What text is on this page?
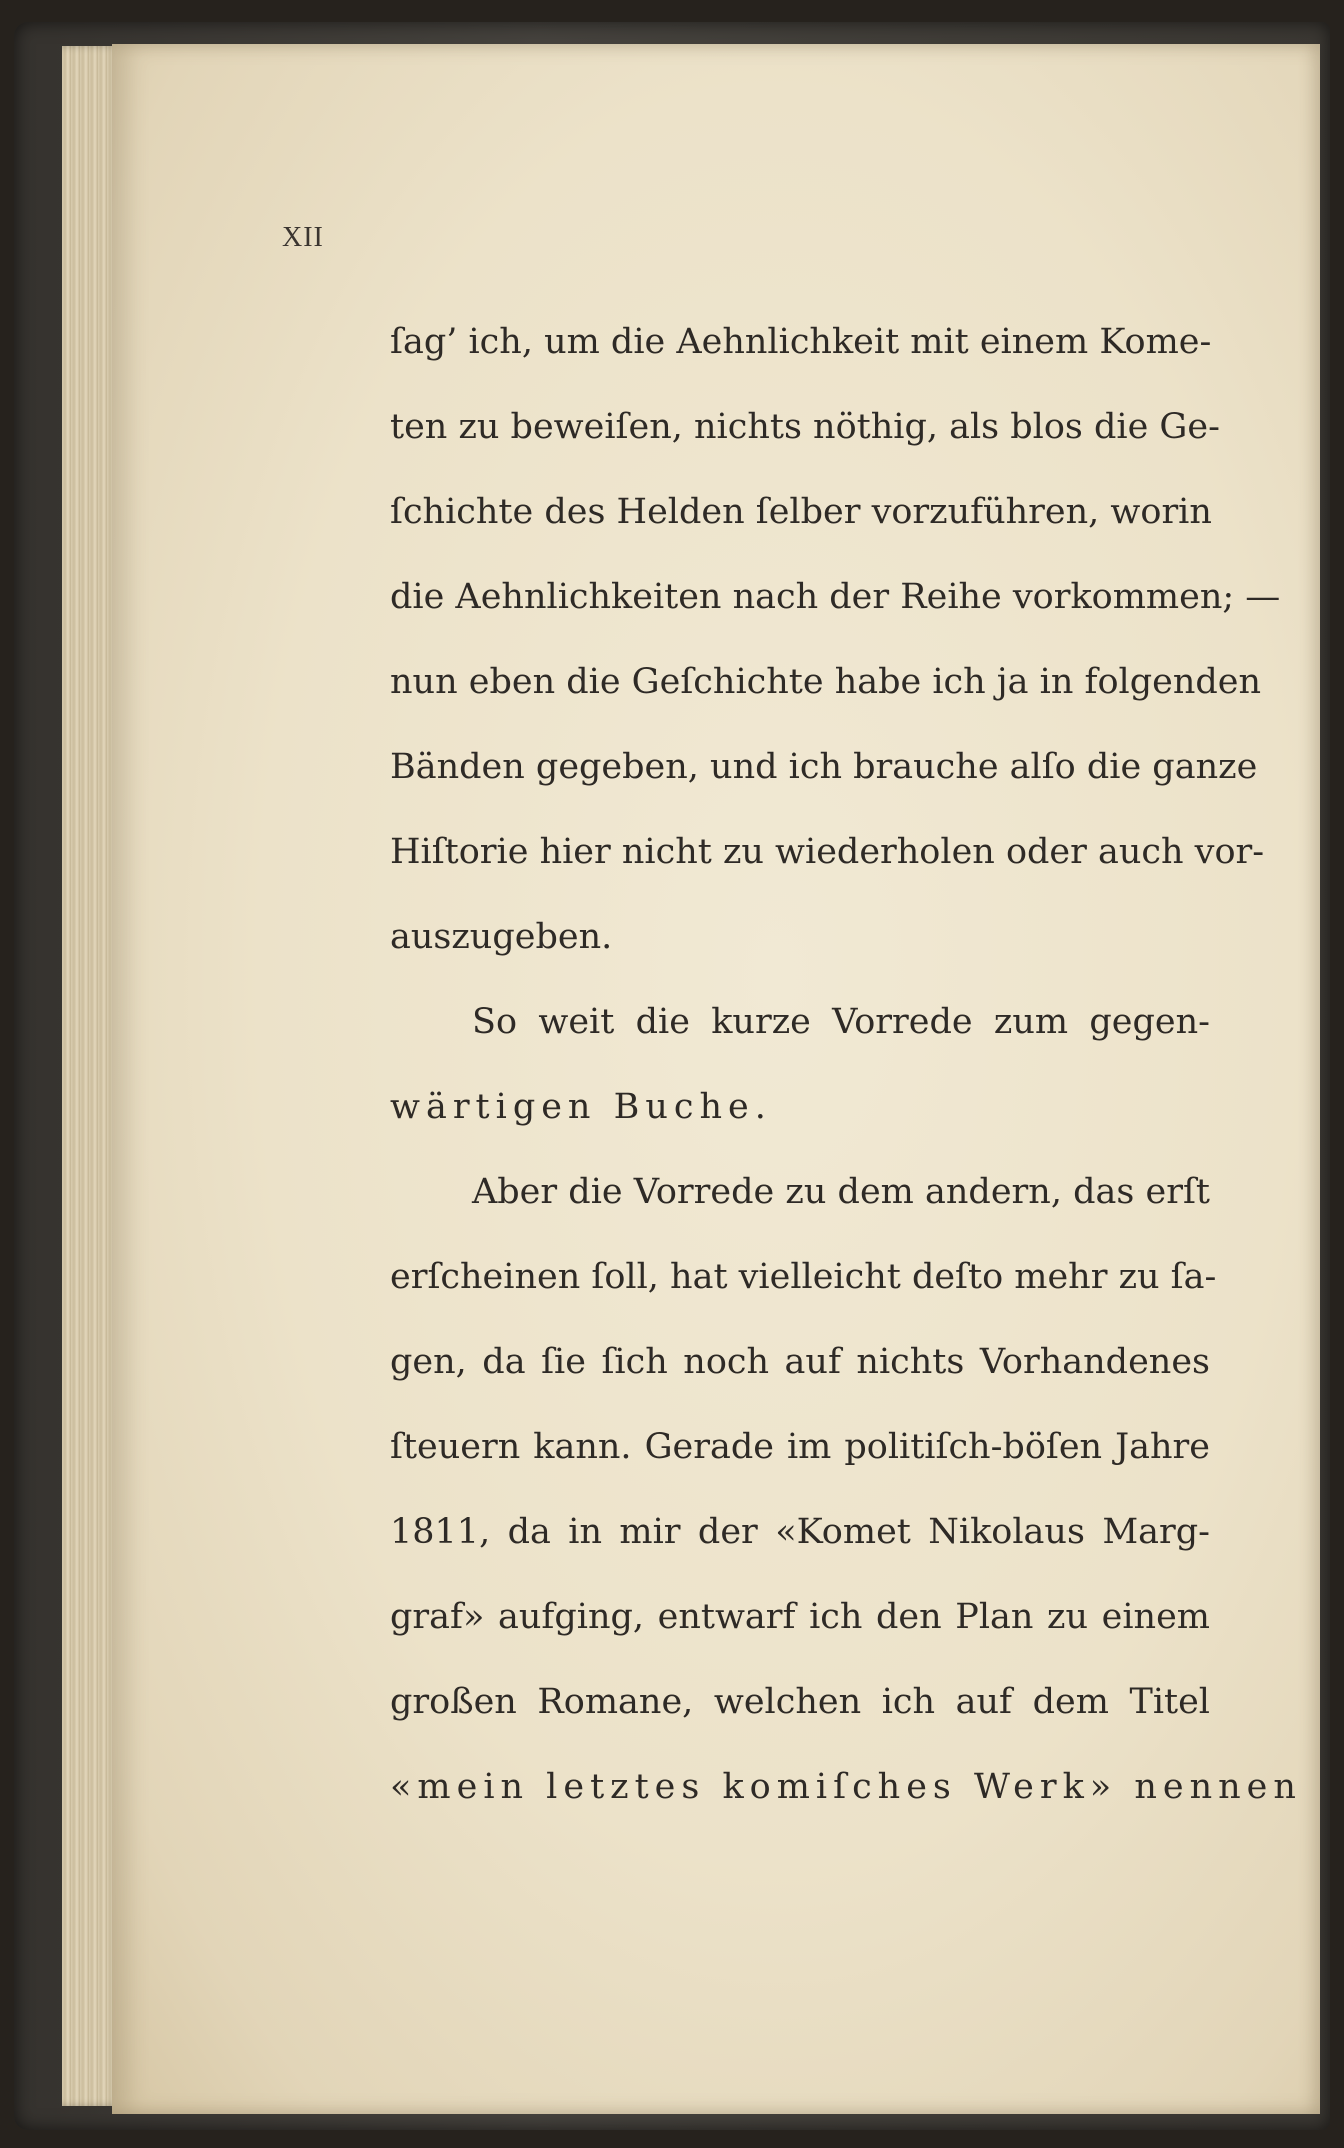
XII
ſag’ ich, um die Aehnlichkeit mit einem Kome-
ten zu beweiſen, nichts nöthig, als blos die Ge-
ſchichte des Helden ſelber vorzuführen, worin
die Aehnlichkeiten nach der Reihe vorkommen; —
nun eben die Geſchichte habe ich ja in folgenden
Bänden gegeben, und ich brauche alſo die ganze
Hiſtorie hier nicht zu wiederholen oder auch vor-
auszugeben.
So weit die kurze Vorrede zum gegen-
wärtigen Buche.
Aber die Vorrede zu dem andern, das erſt
erſcheinen ſoll, hat vielleicht deſto mehr zu ſa-
gen, da ſie ſich noch auf nichts Vorhandenes
ſteuern kann. Gerade im politiſch-böſen Jahre
1811, da in mir der «Komet Nikolaus Marg-
graf» aufging, entwarf ich den Plan zu einem
großen Romane, welchen ich auf dem Titel
«mein letztes komiſches Werk» nennen
